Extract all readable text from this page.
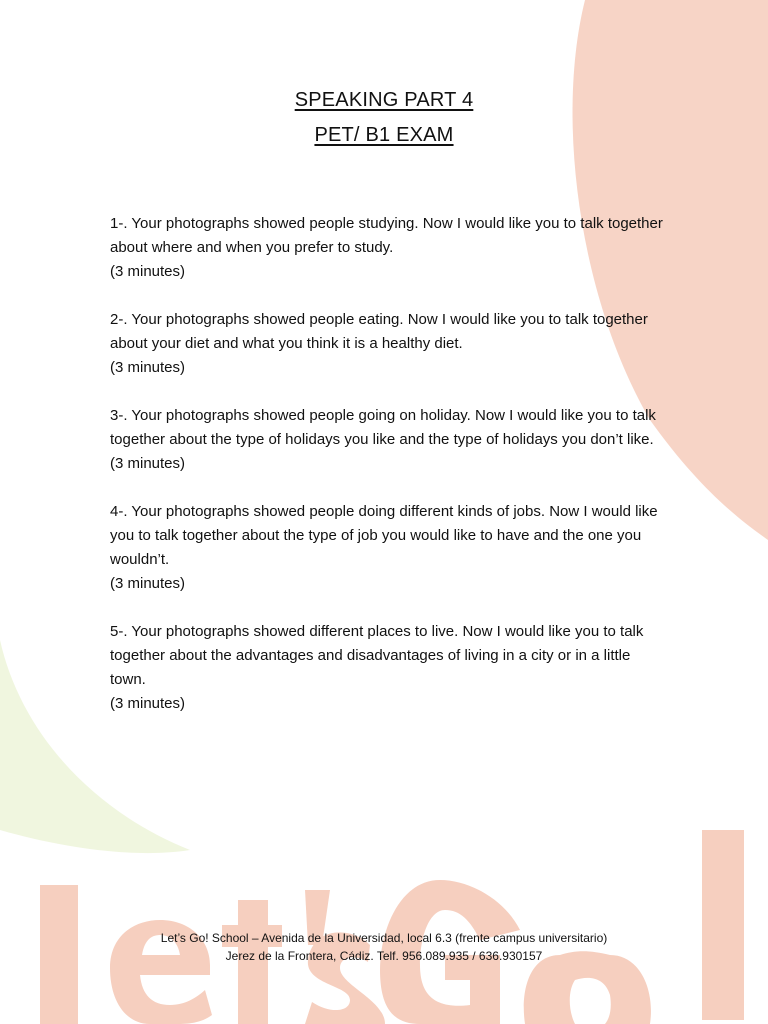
SPEAKING PART 4
PET/ B1 EXAM

1-. Your photographs showed people studying. Now I would like you to talk together about where and when you prefer to study.

(3 minutes)

2-. Your photographs showed people eating. Now I would like you to talk together about your diet and what you think it is a healthy diet.

(3 minutes)

3-. Your photographs showed people going on holiday. Now I would like you to talk together about the type of holidays you like and the type of holidays you don’t like.

(3 minutes)

4-. Your photographs showed people doing different kinds of jobs. Now I would like you to talk together about the type of job you would like to have and the one you wouldn’t.

(3 minutes)

5-. Your photographs showed different places to live. Now I would like you to talk together about the advantages and disadvantages of living in a city or in a little town.

(3 minutes)

Let’s Go! School – Avenida de la Universidad, local 6.3 (frente campus universitario)

Jerez de la Frontera, Cádiz. Telf. 956.089.935 / 636.930157
